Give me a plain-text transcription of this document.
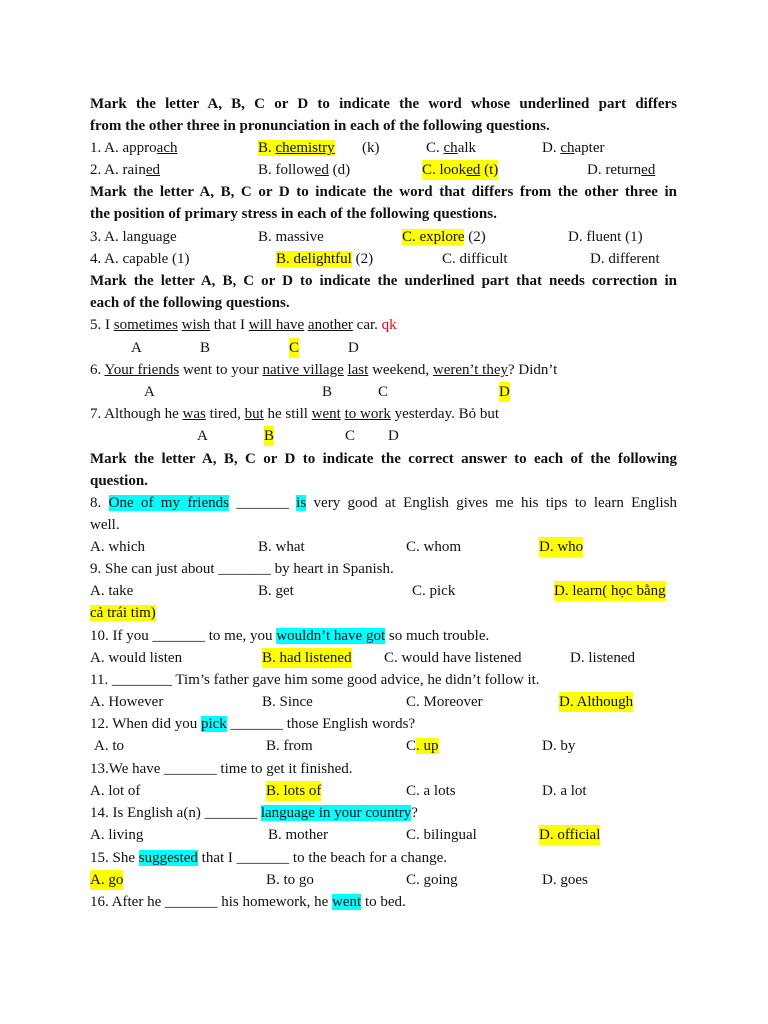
Mark the letter A, B, C or D to indicate the word whose underlined part differs
from the other three in pronunciation in each of the following questions.
1. A. approach	B. chemistry (k)	C. chalk	D. chapter
2. A. rained	B. followed (d)	C. looked (t)	D. returned
Mark the letter A, B, C or D to indicate the word that differs from the other three in
the position of primary stress in each of the following questions.
3. A. language	B. massive	C. explore (2)	D. fluent (1)
4. A. capable (1)	B. delightful (2)	C. difficult	D. different
Mark the letter A, B, C or D to indicate the underlined part that needs correction in
each of the following questions.
5. I sometimes wish that I will have another car. qk
A	B	C	D
6. Your friends went to your native village last weekend, weren’t they? Didn’t
A	B	C	D
7. Although he was tired, but he still went to work yesterday. Bỏ but
A	B	C D
Mark the letter A, B, C or D to indicate the correct answer to each of the following
question.
8. One of my friends _______ is very good at English gives me his tips to learn English
well.
A. which	B. what	C. whom	D. who
9. She can just about _______ by heart in Spanish.
A. take	B. get	C. pick	D. learn( học bằng
cả trái tim)
10. If you _______ to me, you wouldn’t have got so much trouble.
A. would listen	B. had listened C. would have listened	D. listened
11. ________ Tim’s father gave him some good advice, he didn’t follow it.
A. However	B. Since	C. Moreover	D. Although
12. When did you pick _______ those English words?
A. to	B. from	C. up	D. by
13.We have _______ time to get it finished.
A. lot of	B. lots of	C. a lots	D. a lot
14. Is English a(n) _______ language in your country?
A. living	B. mother	C. bilingual	D. official
15. She suggested that I _______ to the beach for a change.
A. go	B. to go	C. going	D. goes
16. After he _______ his homework, he went to bed.
